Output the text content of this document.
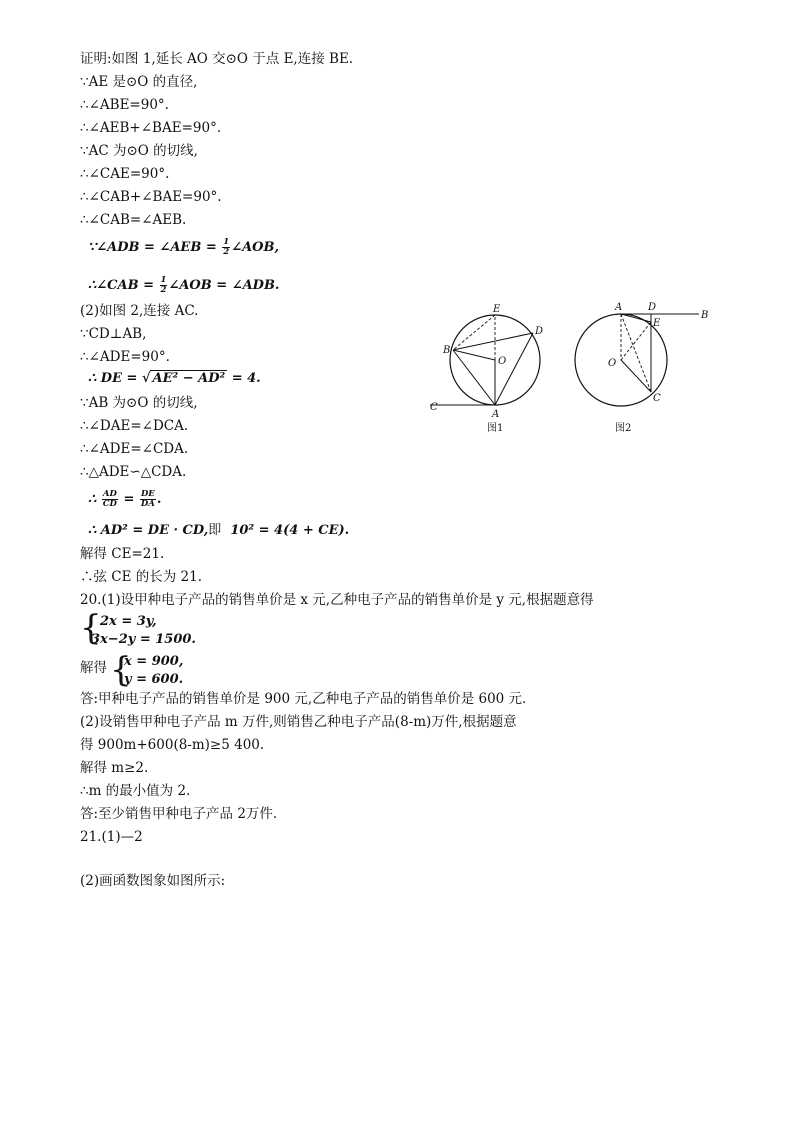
证明:如图 1,延长 AO 交⊙O 于点 E,连接 BE.
∵AE 是⊙O 的直径,
∴∠ABE=90°.
∴∠AEB+∠BAE=90°.
∵AC 为⊙O 的切线,
∴∠CAE=90°.
∴∠CAB+∠BAE=90°.
∴∠CAB=∠AEB.
∵∠ADB = ∠AEB = $\frac{1}{2}$ ∠AOB,
∴∠CAB = $\frac{1}{2}$ ∠AOB = ∠ADB.
(2)如图 2,连接 AC.
∵CD⊥AB,
∴∠ADE=90°.
∴ DE = √ AE² − AD² = 4.
∵AB 为⊙O 的切线,
∴∠DAE=∠DCA.
∴∠ADE=∠CDA.
∴△ADE∽△CDA.
∴ $\frac{AD}{CD} = \frac{DE}{DA}$ .
∴ AD² = DE · CD,即 10² = 4(4 + CE).
解得 CE=21.
∴弦 CE 的长为 21.
20.(1)设甲种电子产品的销售单价是 x 元,乙种电子产品的销售单价是 y 元,根据题意得
{
2x = 3y,
3x−2y = 1500.
解得 {
x = 900,
y = 600.
答:甲种电子产品的销售单价是 900 元,乙种电子产品的销售单价是 600 元.
(2)设销售甲种电子产品 m 万件,则销售乙种电子产品(8-m)万件,根据题意
得 900m+600(8-m)≥5 400.
解得 m≥2.
∴m 的最小值为 2.
答:至少销售甲种电子产品 2万件.
21.(1)—2
(2)画函数图象如图所示:
A
B
C
D
E
O
图1
A
B
C
D
E
O
图2
